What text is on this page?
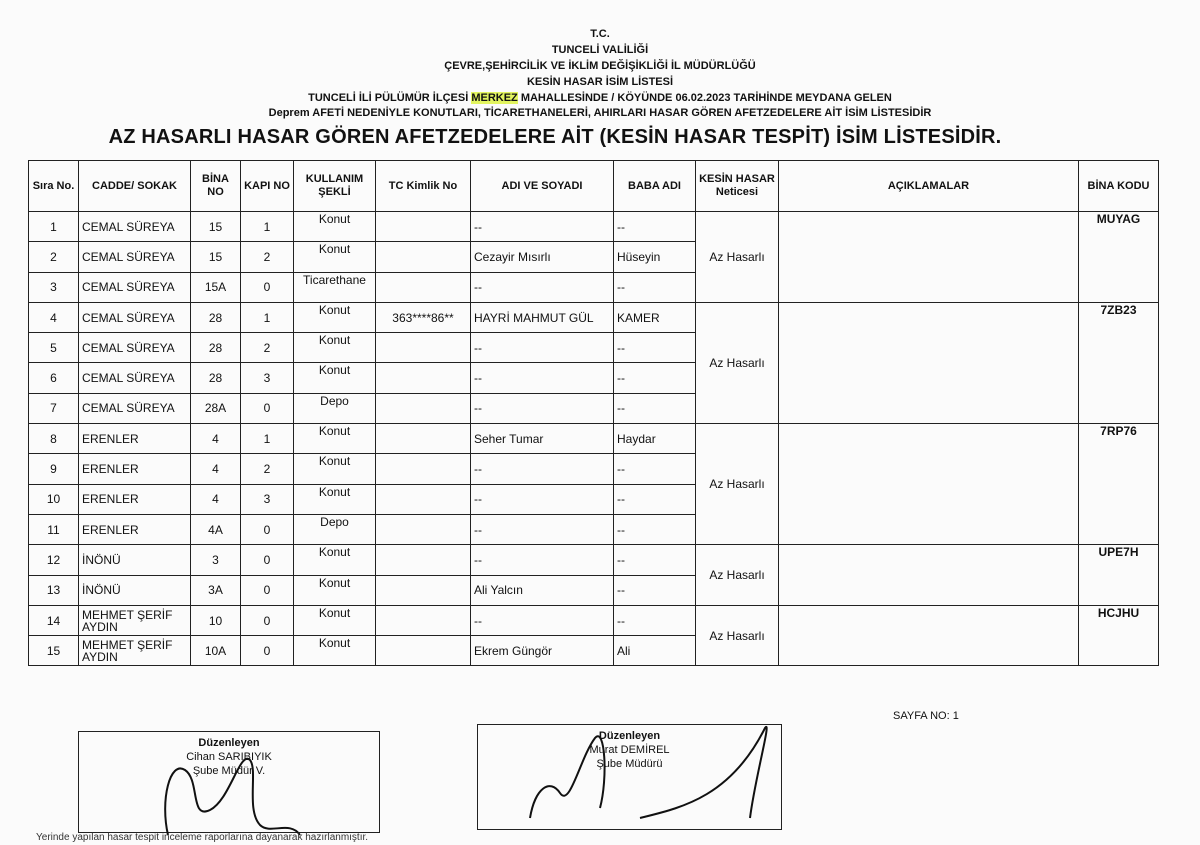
T.C.
TUNCELİ VALİLİĞİ
ÇEVRE,ŞEHİRCİLİK VE İKLİM DEĞİŞİKLİĞİ İL MÜDÜRLÜĞÜ
KESİN HASAR İSİM LİSTESİ
TUNCELİ İLİ PÜLÜMÜR İLÇESİ MERKEZ MAHALLESİNDE / KÖYÜNDE 06.02.2023 TARİHİNDE MEYDANA GELEN
Deprem AFETİ NEDENİYLE KONUTLARI, TİCARETHANELERİ, AHIRLARI HASAR GÖREN AFETZEDELERE AİT İSİM LİSTESİDİR
AZ HASARLI HASAR GÖREN AFETZEDELERE AİT (KESİN HASAR TESPİT) İSİM LİSTESİDİR.
Sıra No.	CADDE/ SOKAK	BİNA NO	KAPI NO	KULLANIM ŞEKLİ	TC Kimlik No	ADI VE SOYADI	BABA ADI	KESİN HASAR Neticesi	AÇIKLAMALAR	BİNA KODU
1	CEMAL SÜREYA	15	1	Konut		--	--	Az Hasarlı		MUYAG
2	CEMAL SÜREYA	15	2	Konut		Cezayir Mısırlı	Hüseyin			
3	CEMAL SÜREYA	15A	0	Ticarethane		--	--			
4	CEMAL SÜREYA	28	1	Konut	363****86**	HAYRİ MAHMUT GÜL	KAMER	Az Hasarlı		7ZB23
5	CEMAL SÜREYA	28	2	Konut		--	--			
6	CEMAL SÜREYA	28	3	Konut		--	--			
7	CEMAL SÜREYA	28A	0	Depo		--	--			
8	ERENLER	4	1	Konut		Seher Tumar	Haydar	Az Hasarlı		7RP76
9	ERENLER	4	2	Konut		--	--			
10	ERENLER	4	3	Konut		--	--			
11	ERENLER	4A	0	Depo		--	--			
12	İNÖNÜ	3	0	Konut		--	--	Az Hasarlı		UPE7H
13	İNÖNÜ	3A	0	Konut		Ali Yalcın	--			
14	MEHMET ŞERİF AYDIN	10	0	Konut		--	--	Az Hasarlı		HCJHU
15	MEHMET ŞERİF AYDIN	10A	0	Konut		Ekrem Güngör	Ali			
SAYFA NO: 1
Düzenleyen
Cihan SARIBIYIK
Şube Müdür V.
Düzenleyen
Murat DEMİREL
Şube Müdürü
Yerinde yapılan hasar tespit inceleme raporlarına dayanarak hazırlanmıştır.
